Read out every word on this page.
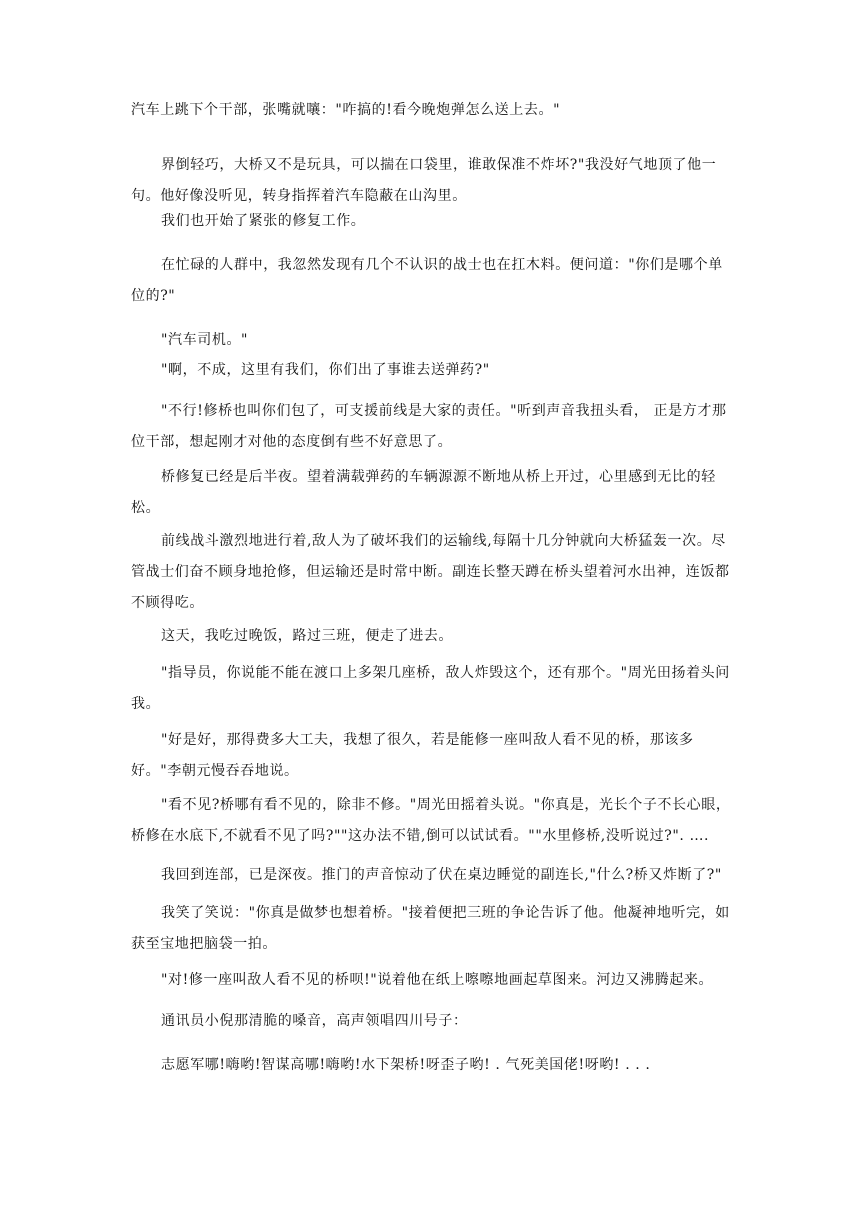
汽车上跳下个干部，张嘴就嚷："咋搞的!看今晚炮弹怎么送上去。"

界倒轻巧，大桥又不是玩具，可以揣在口袋里，谁敢保准不炸坏?"我没好气地顶了他一句。他好像没听见，转身指挥着汽车隐蔽在山沟里。

我们也开始了紧张的修复工作。

在忙碌的人群中，我忽然发现有几个不认识的战士也在扛木料。便问道："你们是哪个单位的?"

"汽车司机。"

"啊，不成，这里有我们，你们出了事谁去送弹药?"

"不行!修桥也叫你们包了，可支援前线是大家的责任。"听到声音我扭头看， 正是方才那位干部，想起刚才对他的态度倒有些不好意思了。

桥修复已经是后半夜。望着满载弹药的车辆源源不断地从桥上开过，心里感到无比的轻松。

前线战斗激烈地进行着,敌人为了破坏我们的运输线,每隔十几分钟就向大桥猛轰一次。尽管战士们奋不顾身地抢修，但运输还是时常中断。副连长整天蹲在桥头望着河水出神，连饭都不顾得吃。

这天，我吃过晚饭，路过三班，便走了进去。

"指导员，你说能不能在渡口上多架几座桥，敌人炸毁这个，还有那个。"周光田扬着头问我。

"好是好，那得费多大工夫，我想了很久，若是能修一座叫敌人看不见的桥，那该多好。"李朝元慢吞吞地说。

"看不见?桥哪有看不见的，除非不修。"周光田摇着头说。"你真是，光长个子不长心眼，桥修在水底下,不就看不见了吗?""这办法不错,倒可以试试看。""水里修桥,没听说过?". ….

我回到连部，已是深夜。推门的声音惊动了伏在桌边睡觉的副连长,"什么?桥又炸断了?"

我笑了笑说："你真是做梦也想着桥。"接着便把三班的争论告诉了他。他凝神地听完，如获至宝地把脑袋一拍。

"对!修一座叫敌人看不见的桥呗!"说着他在纸上嚓嚓地画起草图来。河边又沸腾起来。

通讯员小倪那清脆的嗓音，高声领唱四川号子：

志愿军哪!嗨哟!智谋高哪!嗨哟!水下架桥!呀歪子哟! . 气死美国佬!呀哟! . . .
